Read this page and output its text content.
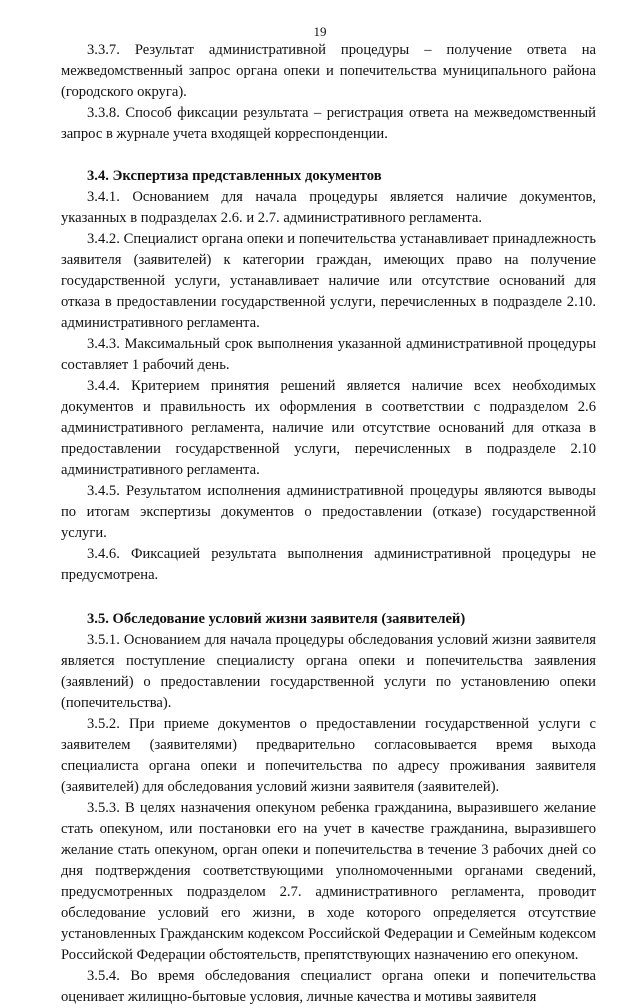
19

3.3.7. Результат административной процедуры – получение ответа на межведомственный запрос органа опеки и попечительства муниципального района (городского округа).

3.3.8. Способ фиксации результата – регистрация ответа на межведомственный запрос в журнале учета входящей корреспонденции.

3.4. Экспертиза представленных документов

3.4.1. Основанием для начала процедуры является наличие документов, указанных в подразделах 2.6. и 2.7. административного регламента.

3.4.2. Специалист органа опеки и попечительства устанавливает принадлежность заявителя (заявителей) к категории граждан, имеющих право на получение государственной услуги, устанавливает наличие или отсутствие оснований для отказа в предоставлении государственной услуги, перечисленных в подразделе 2.10. административного регламента.

3.4.3. Максимальный срок выполнения указанной административной процедуры составляет 1 рабочий день.

3.4.4. Критерием принятия решений является наличие всех необходимых документов и правильность их оформления в соответствии с подразделом 2.6 административного регламента, наличие или отсутствие оснований для отказа в предоставлении государственной услуги, перечисленных в подразделе 2.10 административного регламента.

3.4.5. Результатом исполнения административной процедуры являются выводы по итогам экспертизы документов о предоставлении (отказе) государственной услуги.

3.4.6. Фиксацией результата выполнения административной процедуры не предусмотрена.

3.5. Обследование условий жизни заявителя (заявителей)

3.5.1. Основанием для начала процедуры обследования условий жизни заявителя является поступление специалисту органа опеки и попечительства заявления (заявлений) о предоставлении государственной услуги по установлению опеки (попечительства).

3.5.2. При приеме документов о предоставлении государственной услуги с заявителем (заявителями) предварительно согласовывается время выхода специалиста органа опеки и попечительства по адресу проживания заявителя (заявителей) для обследования условий жизни заявителя (заявителей).

3.5.3. В целях назначения опекуном ребенка гражданина, выразившего желание стать опекуном, или постановки его на учет в качестве гражданина, выразившего желание стать опекуном, орган опеки и попечительства в течение 3 рабочих дней со дня подтверждения соответствующими уполномоченными органами сведений, предусмотренных подразделом 2.7. административного регламента, проводит обследование условий его жизни, в ходе которого определяется отсутствие установленных Гражданским кодексом Российской Федерации и Семейным кодексом Российской Федерации обстоятельств, препятствующих назначению его опекуном.

3.5.4. Во время обследования специалист органа опеки и попечительства оценивает жилищно-бытовые условия, личные качества и мотивы заявителя
